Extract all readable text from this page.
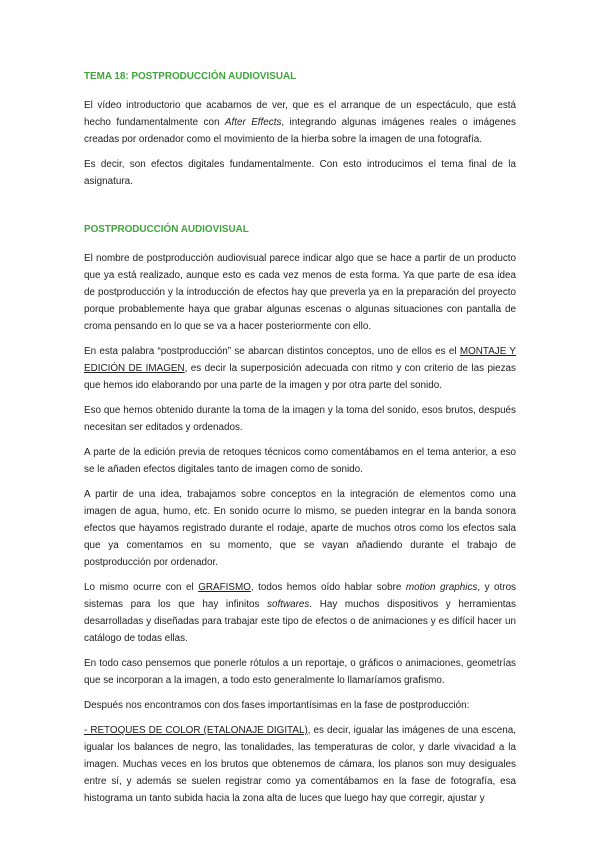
TEMA 18: POSTPRODUCCIÓN AUDIOVISUAL

El vídeo introductorio que acabamos de ver, que es el arranque de un espectáculo, que está hecho fundamentalmente con After Effects, integrando algunas imágenes reales o imágenes creadas por ordenador como el movimiento de la hierba sobre la imagen de una fotografía.

Es decir, son efectos digitales fundamentalmente. Con esto introducimos el tema final de la asignatura.

POSTPRODUCCIÓN AUDIOVISUAL

El nombre de postproducción audiovisual parece indicar algo que se hace a partir de un producto que ya está realizado, aunque esto es cada vez menos de esta forma. Ya que parte de esa idea de postproducción y la introducción de efectos hay que preverla ya en la preparación del proyecto porque probablemente haya que grabar algunas escenas o algunas situaciones con pantalla de croma pensando en lo que se va a hacer posteriormente con ello.

En esta palabra “postproducción” se abarcan distintos conceptos, uno de ellos es el MONTAJE Y EDICIÓN DE IMAGEN, es decir la superposición adecuada con ritmo y con criterio de las piezas que hemos ido elaborando por una parte de la imagen y por otra parte del sonido.

Eso que hemos obtenido durante la toma de la imagen y la toma del sonido, esos brutos, después necesitan ser editados y ordenados.

A parte de la edición previa de retoques técnicos como comentábamos en el tema anterior, a eso se le añaden efectos digitales tanto de imagen como de sonido.

A partir de una idea, trabajamos sobre conceptos en la integración de elementos como una imagen de agua, humo, etc. En sonido ocurre lo mismo, se pueden integrar en la banda sonora efectos que hayamos registrado durante el rodaje, aparte de muchos otros como los efectos sala que ya comentamos en su momento, que se vayan añadiendo durante el trabajo de postproducción por ordenador.

Lo mismo ocurre con el GRAFISMO, todos hemos oído hablar sobre motion graphics, y otros sistemas para los que hay infinitos softwares. Hay muchos dispositivos y herramientas desarrolladas y diseñadas para trabajar este tipo de efectos o de animaciones y es difícil hacer un catálogo de todas ellas.

En todo caso pensemos que ponerle rótulos a un reportaje, o gráficos o animaciones, geometrías que se incorporan a la imagen, a todo esto generalmente lo llamaríamos grafismo.

Después nos encontramos con dos fases importantísimas en la fase de postproducción:

- RETOQUES DE COLOR (ETALONAJE DIGITAL), es decir, igualar las imágenes de una escena, igualar los balances de negro, las tonalidades, las temperaturas de color, y darle vivacidad a la imagen. Muchas veces en los brutos que obtenemos de cámara, los planos son muy desiguales entre sí, y además se suelen registrar como ya comentábamos en la fase de fotografía, esa histograma un tanto subida hacia la zona alta de luces que luego hay que corregir, ajustar y
